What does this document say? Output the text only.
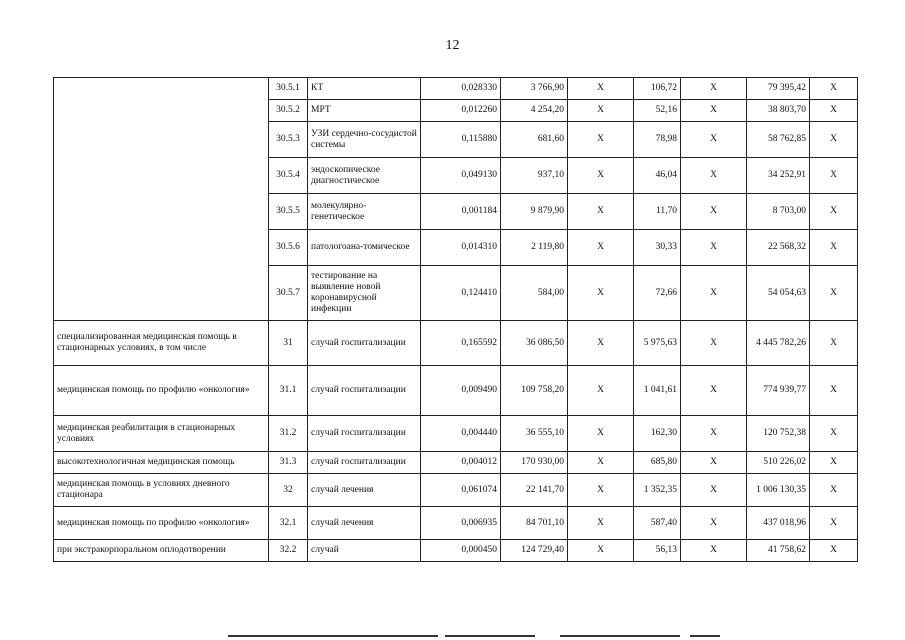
12
	30.5.1	КТ	0,028330	3 766,90	X	106,72	X	79 395,42	X
	30.5.2	МРТ	0,012260	4 254,20	X	52,16	X	38 803,70	X
	30.5.3	УЗИ сердечно-сосудистой системы	0,115880	681,60	X	78,98	X	58 762,85	X
	30.5.4	эндоскопическое диагностическое	0,049130	937,10	X	46,04	X	34 252,91	X
	30.5.5	молекулярно-генетическое	0,001184	9 879,90	X	11,70	X	8 703,00	X
	30.5.6	патологоана-томическое	0,014310	2 119,80	X	30,33	X	22 568,32	X
	30.5.7	тестирование на выявление новой коронавирусной инфекции	0,124410	584,00	X	72,66	X	54 054,63	X
специализированная медицинская помощь в стационарных условиях, в том числе	31	случай госпитализации	0,165592	36 086,50	X	5 975,63	X	4 445 782,26	X
медицинская помощь по профилю «онкология»	31.1	случай госпитализации	0,009490	109 758,20	X	1 041,61	X	774 939,77	X
медицинская реабилитация в стационарных условиях	31.2	случай госпитализации	0,004440	36 555,10	X	162,30	X	120 752,38	X
высокотехнологичная медицинская помощь	31.3	случай госпитализации	0,004012	170 930,00	X	685,80	X	510 226,02	X
медицинская помощь в условиях дневного стационара	32	случай лечения	0,061074	22 141,70	X	1 352,35	X	1 006 130,35	X
медицинская помощь по профилю «онкология»	32.1	случай лечения	0,006935	84 701,10	X	587,40	X	437 018,96	X
при экстракорпоральном оплодотворении	32.2	случай	0,000450	124 729,40	X	56,13	X	41 758,62	X
